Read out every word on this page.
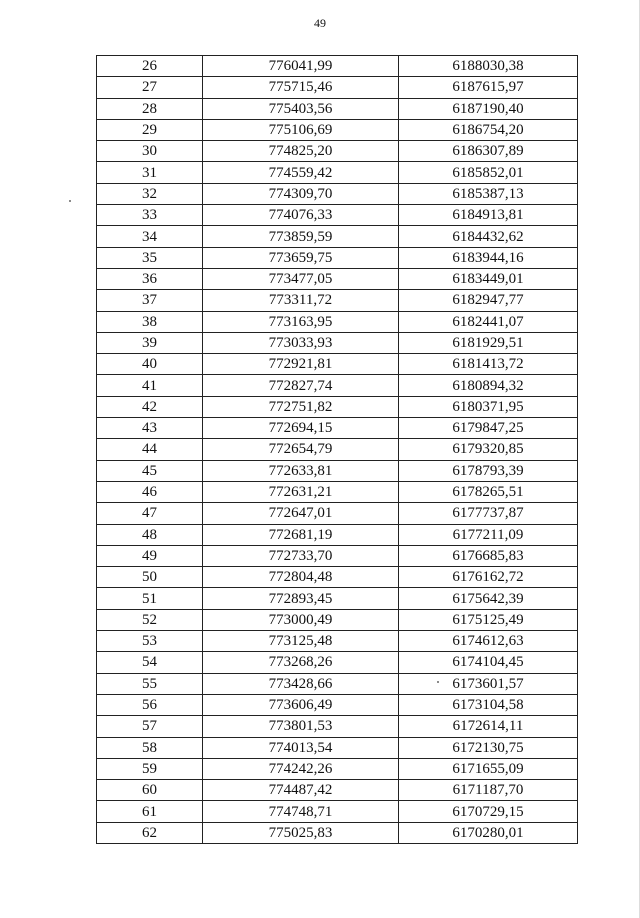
49
26	776041,99	6188030,38
27	775715,46	6187615,97
28	775403,56	6187190,40
29	775106,69	6186754,20
30	774825,20	6186307,89
31	774559,42	6185852,01
32	774309,70	6185387,13
33	774076,33	6184913,81
34	773859,59	6184432,62
35	773659,75	6183944,16
36	773477,05	6183449,01
37	773311,72	6182947,77
38	773163,95	6182441,07
39	773033,93	6181929,51
40	772921,81	6181413,72
41	772827,74	6180894,32
42	772751,82	6180371,95
43	772694,15	6179847,25
44	772654,79	6179320,85
45	772633,81	6178793,39
46	772631,21	6178265,51
47	772647,01	6177737,87
48	772681,19	6177211,09
49	772733,70	6176685,83
50	772804,48	6176162,72
51	772893,45	6175642,39
52	773000,49	6175125,49
53	773125,48	6174612,63
54	773268,26	6174104,45
55	773428,66	6173601,57
56	773606,49	6173104,58
57	773801,53	6172614,11
58	774013,54	6172130,75
59	774242,26	6171655,09
60	774487,42	6171187,70
61	774748,71	6170729,15
62	775025,83	6170280,01
